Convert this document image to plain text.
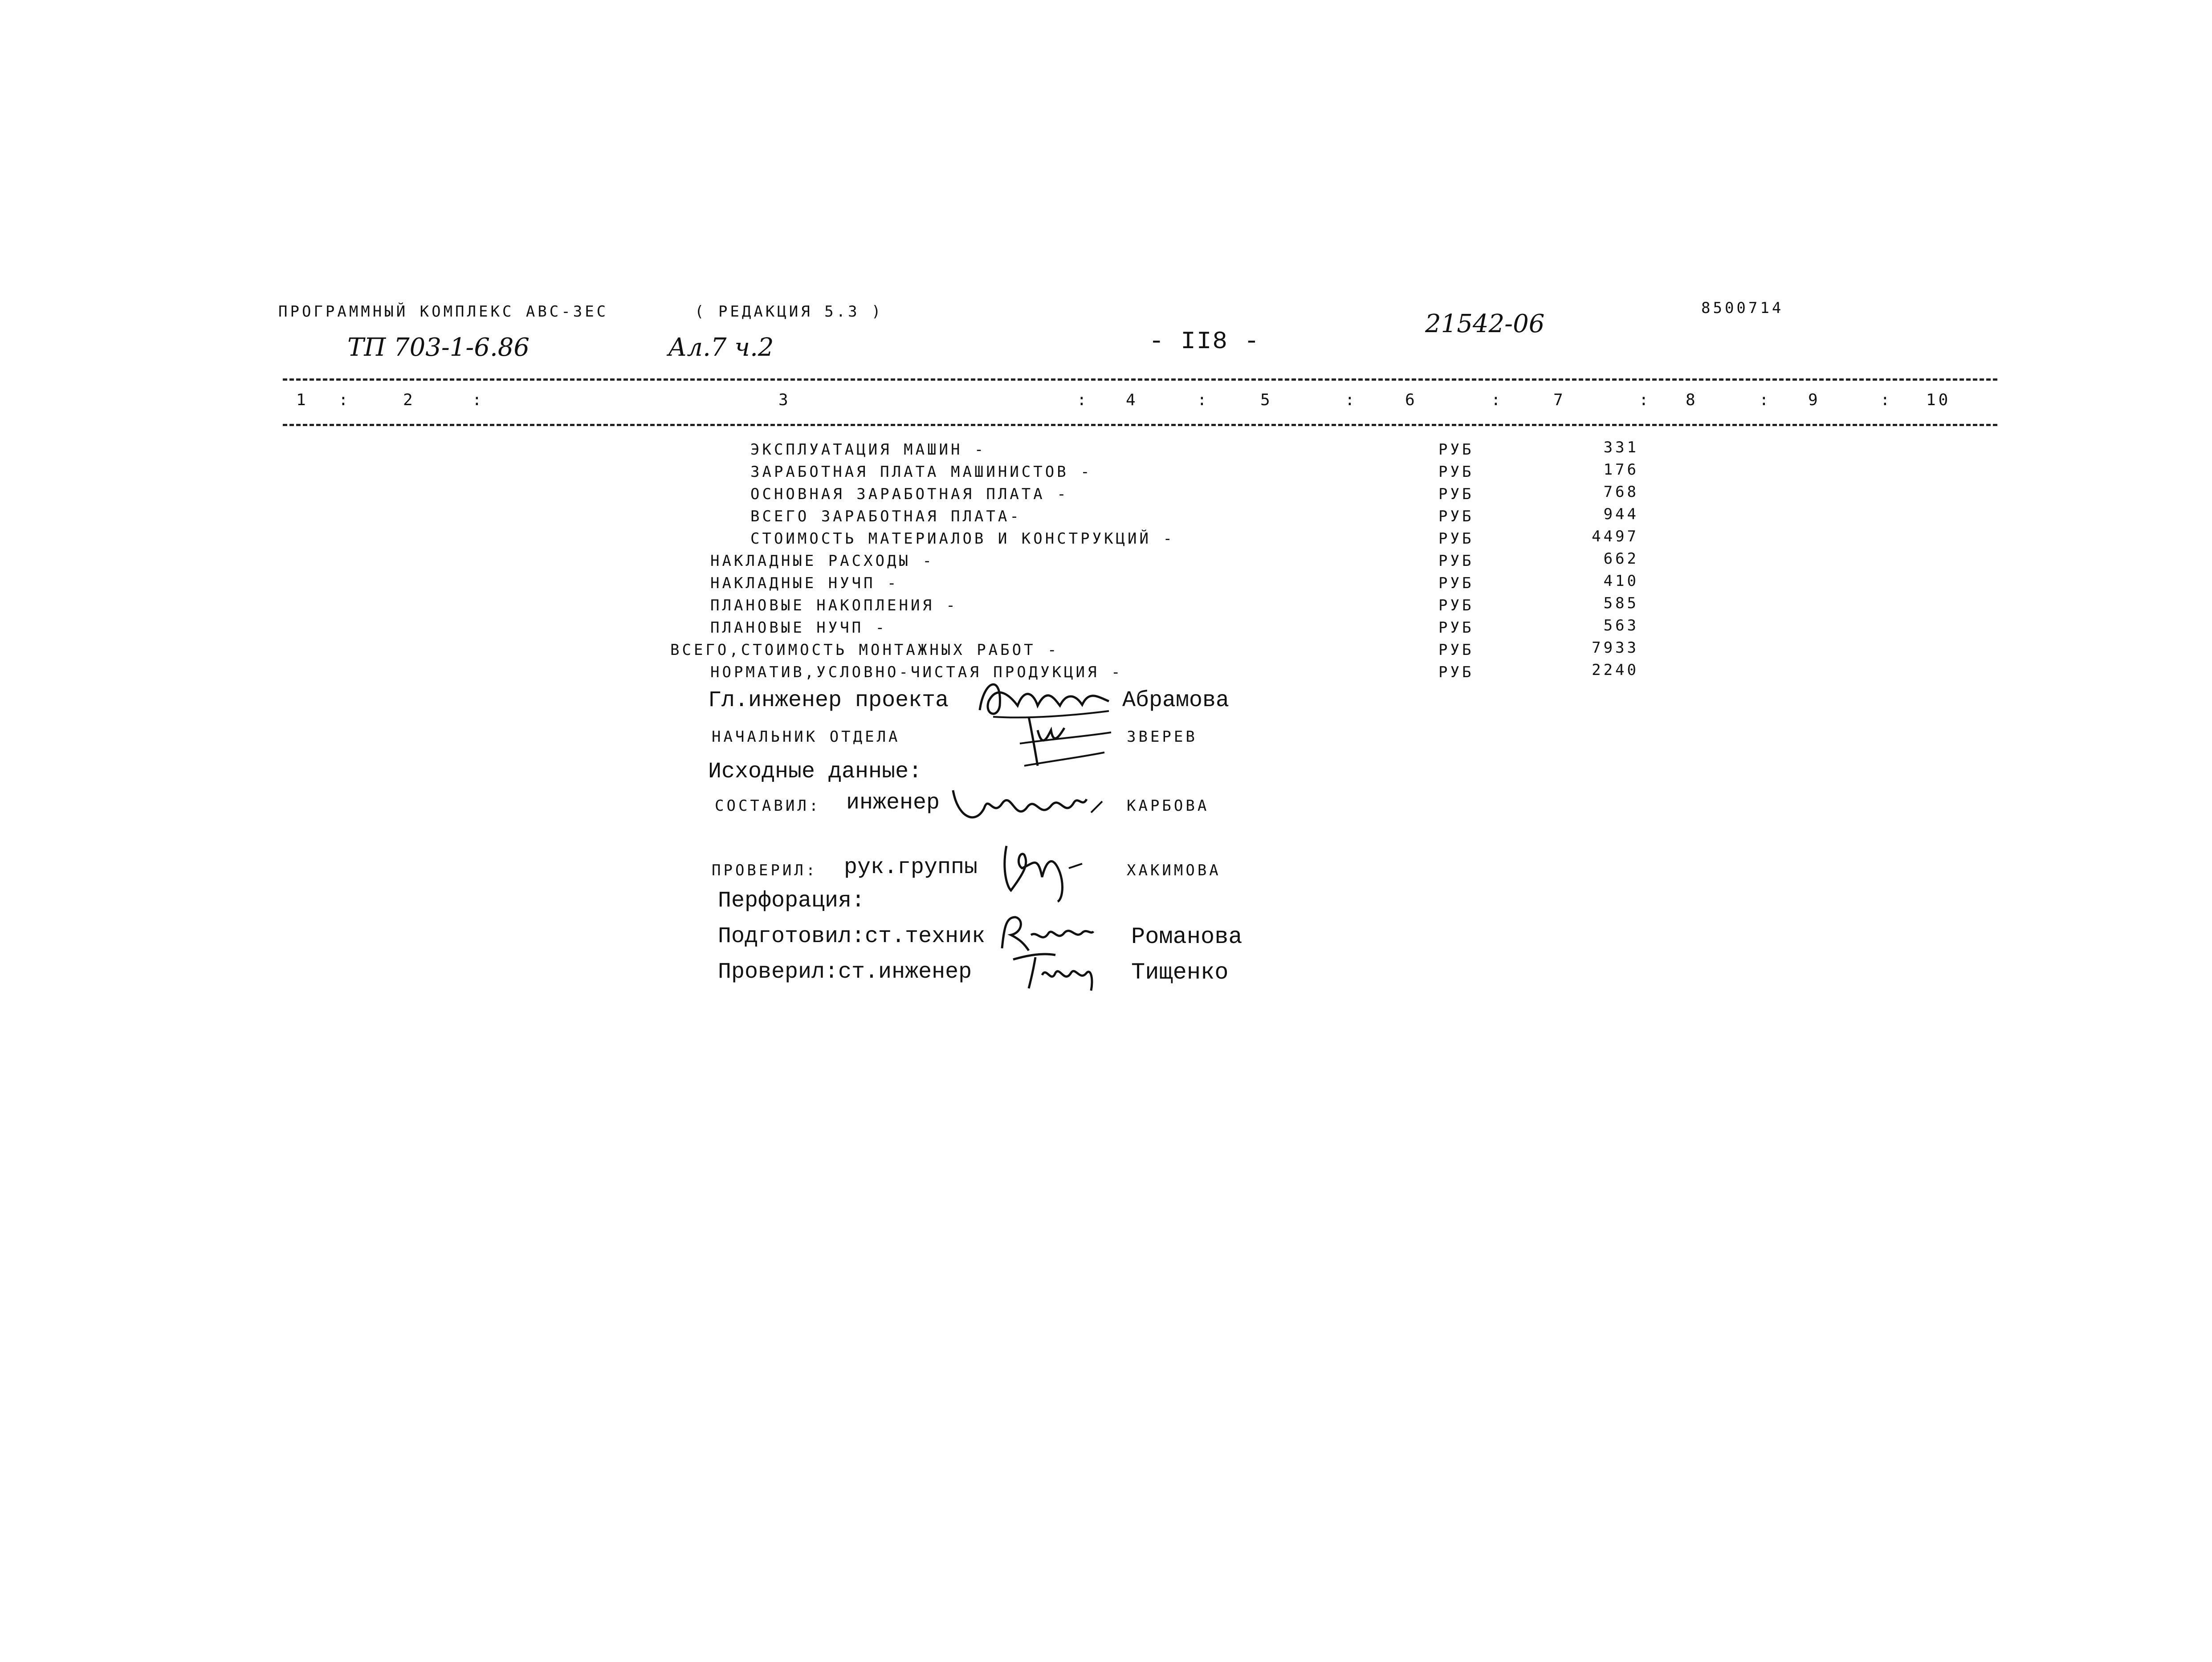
ПРОГРАММНЫЙ КОМПЛЕКС АВС-3ЕС	( РЕДАКЦИЯ 5.3 )	8500714
ТП 703-1-6.86	Ал.7 ч.2	- II8 -
21542-06
1 :	2	:	3	: 4	:	5	:	6	:	7	: 8	: 9	: 10
ЭКСПЛУАТАЦИЯ МАШИН -	РУБ	331
ЗАРАБОТНАЯ ПЛАТА МАШИНИСТОВ -	РУБ	176
ОСНОВНАЯ ЗАРАБОТНАЯ ПЛАТА -	РУБ	768
ВСЕГО ЗАРАБОТНАЯ ПЛАТА-	РУБ	944
СТОИМОСТЬ МАТЕРИАЛОВ И КОНСТРУКЦИЙ -	РУБ	4497
НАКЛАДНЫЕ РАСХОДЫ -	РУБ	662
НАКЛАДНЫЕ НУЧП -	РУБ	410
ПЛАНОВЫЕ НАКОПЛЕНИЯ -	РУБ	585
ПЛАНОВЫЕ НУЧП -	РУБ	563
ВСЕГО,СТОИМОСТЬ МОНТАЖНЫХ РАБОТ -	РУБ	7933
НОРМАТИВ,УСЛОВНО-ЧИСТАЯ ПРОДУКЦИЯ -	РУБ	2240
Гл.инженер проекта	Абрамова
НАЧАЛЬНИК ОТДЕЛА	ЗВЕРЕВ
Исходные данные:
СОСТАВИЛ: инженер	КАРБОВА
ПРОВЕРИЛ: рук.группы	ХАКИМОВА
Перфорация:
Подготовил:ст.техник	Романова
Проверил:ст.инженер	Тищенко
